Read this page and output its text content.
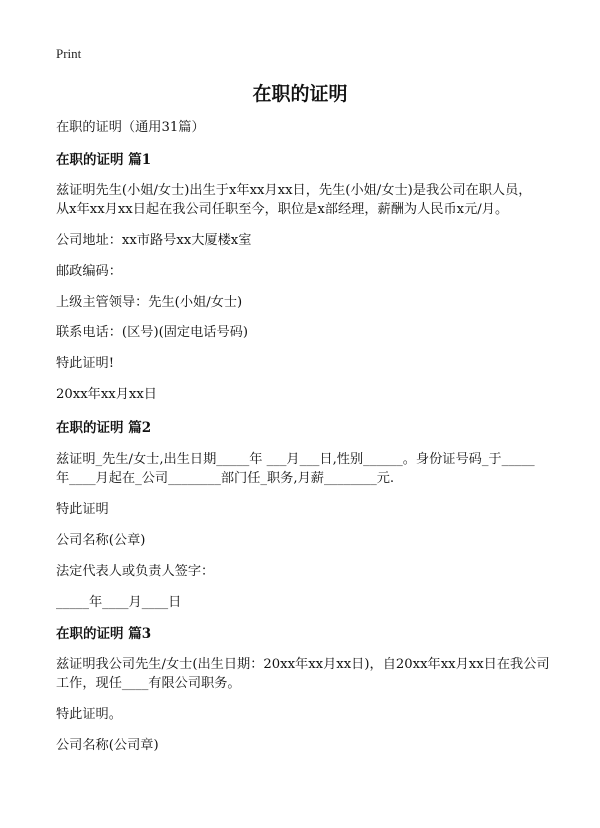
Print
在职的证明
在职的证明（通用31篇）
在职的证明 篇1
兹证明先生(小姐/女士)出生于x年xx月xx日，先生(小姐/女士)是我公司在职人员，
从x年xx月xx日起在我公司任职至今，职位是x部经理，薪酬为人民币x元/月。
公司地址：xx市路号xx大厦楼x室
邮政编码：
上级主管领导：先生(小姐/女士)
联系电话：(区号)(固定电话号码)
特此证明!
20xx年xx月xx日
在职的证明 篇2
兹证明_先生/女士,出生日期_____年 ___月___日,性别______。身份证号码_于_____
年____月起在_公司________部门任_职务,月薪________元.
特此证明
公司名称(公章)
法定代表人或负责人签字：
_____年____月____日
在职的证明 篇3
兹证明我公司先生/女士(出生日期：20xx年xx月xx日)，自20xx年xx月xx日在我公司
工作，现任____有限公司职务。
特此证明。
公司名称(公司章)
